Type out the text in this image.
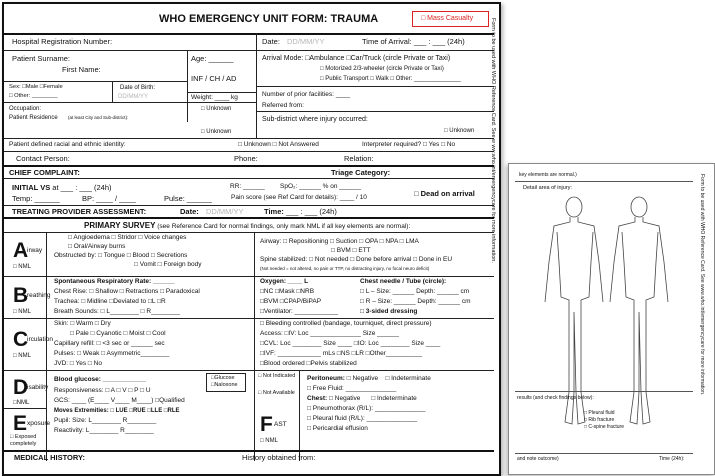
key elements are normal.)
Detail area of injury:
results (and check findings below):
□ Pleural fluid
□ Rib fracture
□ C-spine fracture
and note outcome)	Time (24h):
Form to be used with WHO Reference Card. See www.who.int/emergencycare for more information.
WHO EMERGENCY UNIT FORM: TRAUMA	□ Mass Casualty	Form to be used with WHO Reference Card. See w ww.who.int/emergencycare for more information.
Hospital Registration Number:	Date: DD/MM/YY	Time of Arrival: ___ : ___ (24h)
Patient Surname:
First Name:
Age: ______
INF / CH / AD
Sex: □Male □Female
□ Other: ________
Date of Birth:
DD/MM/YY	Weight: ____ kg
Occupation:	□ Unknown
Patient Residence (at least City and Sub-district):
□ Unknown
Arrival Mode: □Ambulance □Car/Truck (circle Private or Taxi)
□ Motorized 2/3-wheeler (circle Private or Taxi)
□ Public Transport □ Walk □ Other: ______________
Number of prior facilities: ____
Referred from:
Sub-district where injury occurred:
□ Unknown
Patient defined racial and ethnic identity:	□ Unknown □ Not Answered	Interpreter required? □ Yes □ No
Contact Person:	Phone:	Relation:
CHIEF COMPLAINT:	Triage Category:
INITIAL VS at ___ : ___ (24h)
Temp: ______	BP: ____ / ____	Pulse: ______
RR: ______ SpO₂: ______ % on ______
Pain score (see Ref Card for details): ____ / 10	□ Dead on arrival
TREATING PROVIDER ASSESSMENT:	Date: DD/MM/YY	Time: ___ : ___ (24h)
PRIMARY SURVEY (see Reference Card for normal findings, only mark NML if all key elements are normal):
A
irway
□ NML
□ Angioedema □ Stridor □ Voice changes
□ Oral/Airway burns
Obstructed by: □ Tongue □ Blood □ Secretions
□ Vomit □ Foreign body
Airway: □ Repositioning □ Suction □ OPA □ NPA □ LMA
□ BVM □ ETT
Spine stabilized: □ Not needed □ Done before arrival □ Done in EU
(Not needed = not altered, no pain or TTP, no distracting injury, no focal neuro deficit)
B
reathing
□ NML
Spontaneous Respiratory Rate: ______
Chest Rise: □ Shallow □ Retractions □ Paradoxical
Trachea: □ Midline □Deviated to □L □R
Breath Sounds: □ L________ □ R________
Oxygen: ____ L	Chest needle / Tube (circle):
□NC □Mask □NRB	□ L – Size: ______ Depth: ______ cm
□BVM □CPAP/BiPAP	□ R – Size: ______ Depth: ______ cm
□Ventilator: ____________	□ 3-sided dressing
C
irculation
□ NML
Skin: □ Warm □ Dry
□ Pale □ Cyanotic □ Moist □ Cool
Capillary refill: □ <3 sec or ______ sec
Pulses: □ Weak □ Asymmetric________
JVD: □ Yes □ No
□ Bleeding controlled (bandage, tourniquet, direct pressure)
Access: □IV: Loc ______________ Size ______
□CVL: Loc ________ Size ____ □IO: Loc ________ Size ____
□IVF: ____________ mLs □NS □LR □Other__________
□Blood ordered □Pelvis stabilized
D
isability
□NML
Blood glucose: ____________	□Glucose
□Naloxone
Responsiveness: □ A □ V □ P □ U
GCS: ____ (E____ V____ M____) □Qualified
Moves Extremities: □ LUE □RUE □LLE □RLE
Pupil: Size: L________ R________
Reactivity: L________ R________
E xposure
□ Exposed
completely
□ Not Indicated
□ Not Available
F AST
□ NML
Peritoneum: □ Negative    □ Indeterminate
□ Free Fluid: ______________
Chest: □ Negative      □ Indeterminate
□ Pneumothorax (R/L): ______________
□ Pleural fluid (R/L): ______________
□ Pericardial effusion
MEDICAL HISTORY:	History obtained from:
